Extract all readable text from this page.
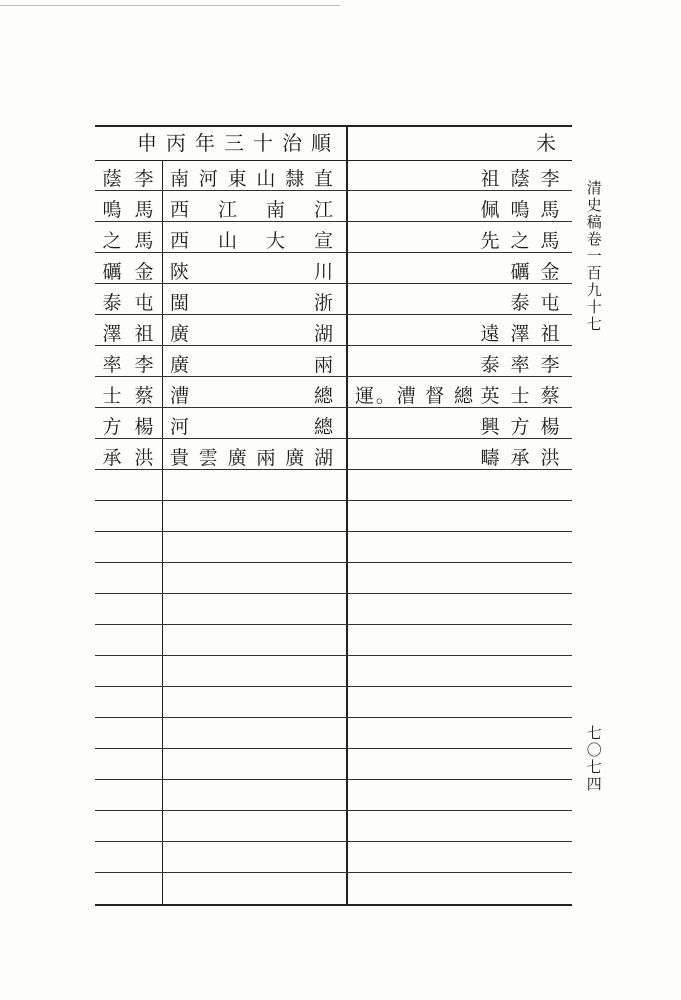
申丙年三十治順	未
蔭 李 南河東山隸直
鳴 馬 西 江 南 江
之 馬 西 山 大 宣
礪 金 陝 川
泰 屯 閩 浙
澤 祖 廣 湖
率 李 廣 兩
士 蔡 漕 總
方 楊 河 總
承 洪 貴雲廣兩廣湖
祖 蔭 李
佩 鳴 馬
先 之 馬
礪 金
泰 屯
遠 澤 祖
泰 率 李
運。漕 督 總 英 士 蔡
興 方 楊
疇 承 洪
清史稿卷一百九十七
七〇七四
